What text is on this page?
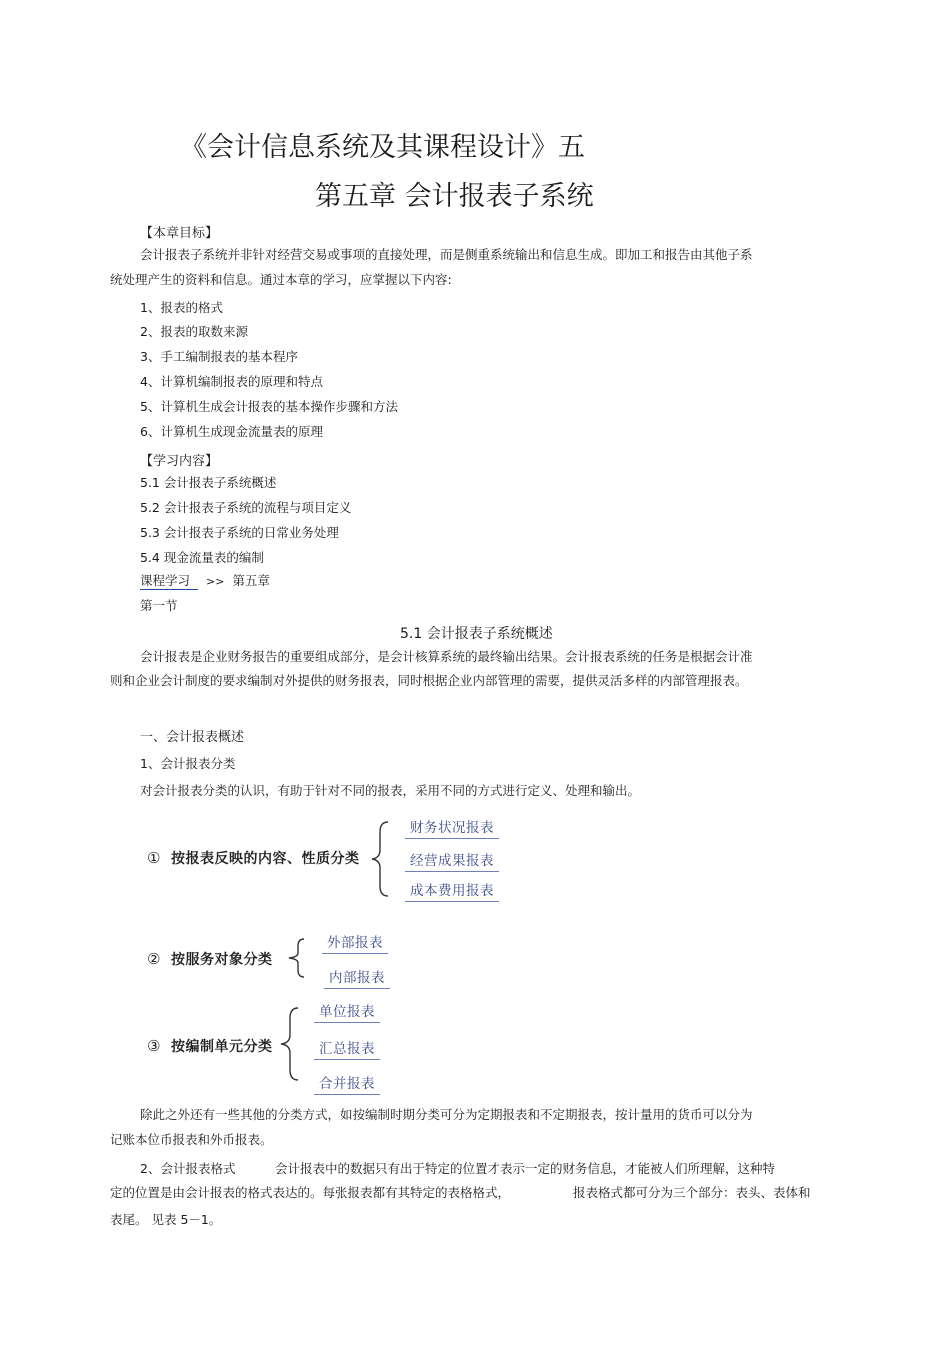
《会计信息系统及其课程设计》五
第五章 会计报表子系统
【本章目标】
会计报表子系统并非针对经营交易或事项的直接处理，而是侧重系统输出和信息生成。即加工和报告由其他子系
统处理产生的资料和信息。通过本章的学习，应掌握以下内容:
1、报表的格式
2、报表的取数来源
3、手工编制报表的基本程序
4、计算机编制报表的原理和特点
5、计算机生成会计报表的基本操作步骤和方法
6、计算机生成现金流量表的原理
【学习内容】
5.1 会计报表子系统概述
5.2 会计报表子系统的流程与项目定义
5.3 会计报表子系统的日常业务处理
5.4 现金流量表的编制
课程学习 >> 第五章
第一节
5.1 会计报表子系统概述
会计报表是企业财务报告的重要组成部分，是会计核算系统的最终输出结果。会计报表系统的任务是根据会计准
则和企业会计制度的要求编制对外提供的财务报表，同时根据企业内部管理的需要，提供灵活多样的内部管理报表。
一、会计报表概述
1、会计报表分类
对会计报表分类的认识，有助于针对不同的报表，采用不同的方式进行定义、处理和输出。
① 按报表反映的内容、性质分类
财务状况报表
经营成果报表
成本费用报表
② 按服务对象分类
外部报表
内部报表
③ 按编制单元分类
单位报表
汇总报表
合并报表
除此之外还有一些其他的分类方式，如按编制时期分类可分为定期报表和不定期报表，按计量用的货币可以分为
记账本位币报表和外币报表。
2、会计报表格式	会计报表中的数据只有出于特定的位置才表示一定的财务信息，才能被人们所理解，这种特
定的位置是由会计报表的格式表达的。每张报表都有其特定的表格格式，	报表格式都可分为三个部分：表头、表体和
表尾。 见表 5－1。
